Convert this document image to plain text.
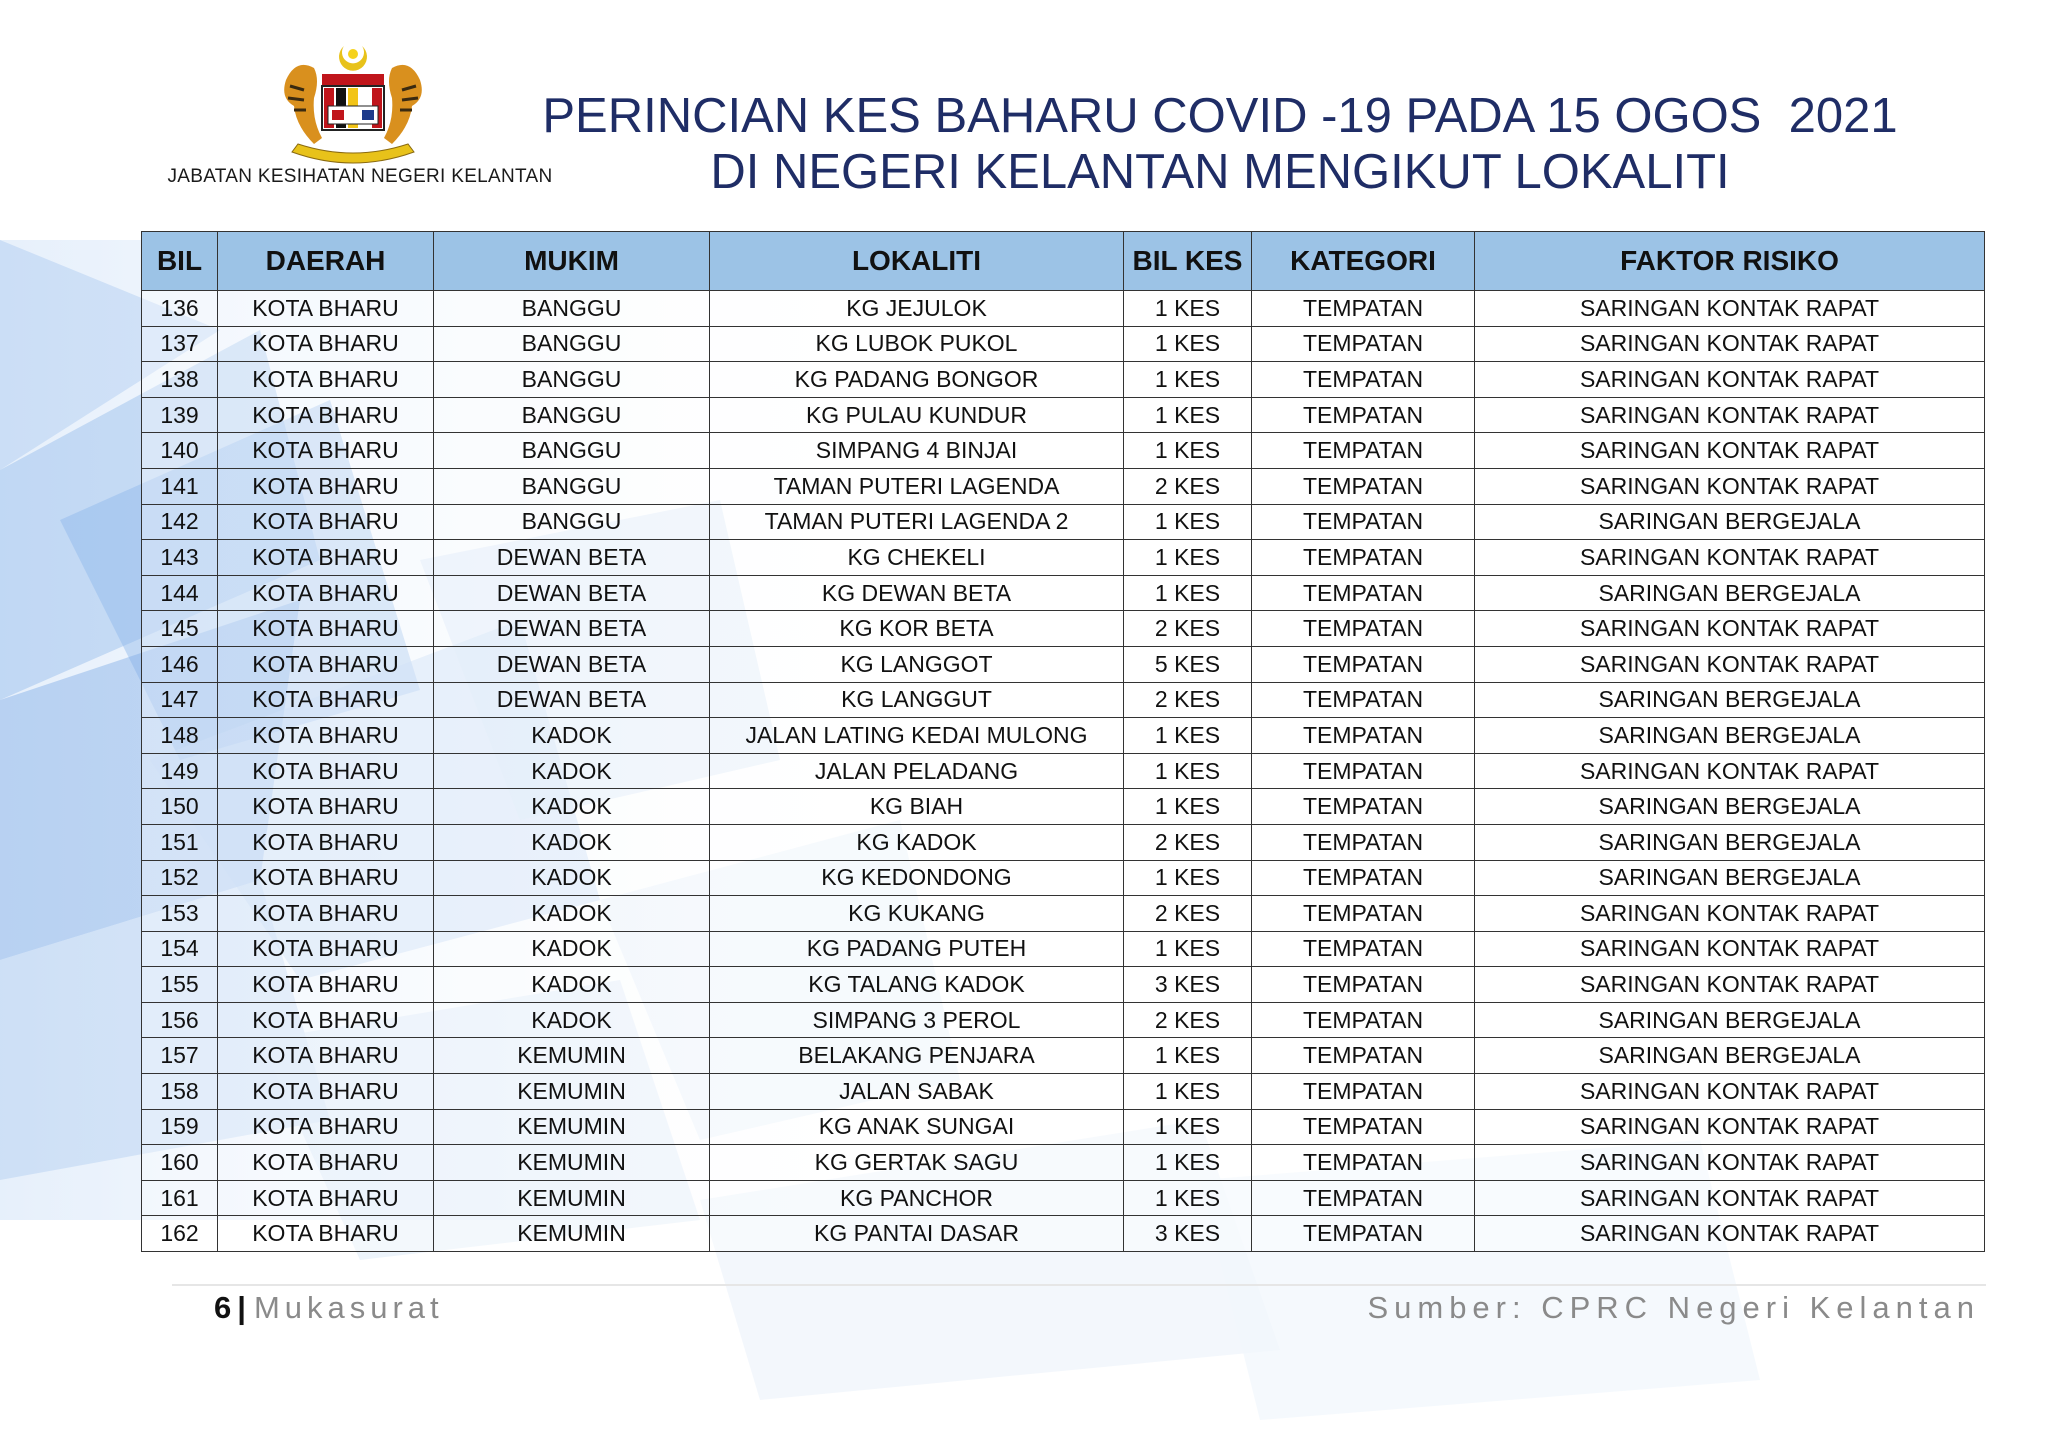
JABATAN KESIHATAN NEGERI KELANTAN
PERINCIAN KES BAHARU COVID -19 PADA 15 OGOS  2021
DI NEGERI KELANTAN MENGIKUT LOKALITI
BIL	DAERAH	MUKIM	LOKALITI	BIL KES	KATEGORI	FAKTOR RISIKO
136	KOTA BHARU	BANGGU	KG JEJULOK	1 KES	TEMPATAN	SARINGAN KONTAK RAPAT
137	KOTA BHARU	BANGGU	KG LUBOK PUKOL	1 KES	TEMPATAN	SARINGAN KONTAK RAPAT
138	KOTA BHARU	BANGGU	KG PADANG BONGOR	1 KES	TEMPATAN	SARINGAN KONTAK RAPAT
139	KOTA BHARU	BANGGU	KG PULAU KUNDUR	1 KES	TEMPATAN	SARINGAN KONTAK RAPAT
140	KOTA BHARU	BANGGU	SIMPANG 4 BINJAI	1 KES	TEMPATAN	SARINGAN KONTAK RAPAT
141	KOTA BHARU	BANGGU	TAMAN PUTERI LAGENDA	2 KES	TEMPATAN	SARINGAN KONTAK RAPAT
142	KOTA BHARU	BANGGU	TAMAN PUTERI LAGENDA 2	1 KES	TEMPATAN	SARINGAN BERGEJALA
143	KOTA BHARU	DEWAN BETA	KG CHEKELI	1 KES	TEMPATAN	SARINGAN KONTAK RAPAT
144	KOTA BHARU	DEWAN BETA	KG DEWAN BETA	1 KES	TEMPATAN	SARINGAN BERGEJALA
145	KOTA BHARU	DEWAN BETA	KG KOR BETA	2 KES	TEMPATAN	SARINGAN KONTAK RAPAT
146	KOTA BHARU	DEWAN BETA	KG LANGGOT	5 KES	TEMPATAN	SARINGAN KONTAK RAPAT
147	KOTA BHARU	DEWAN BETA	KG LANGGUT	2 KES	TEMPATAN	SARINGAN BERGEJALA
148	KOTA BHARU	KADOK	JALAN LATING KEDAI MULONG	1 KES	TEMPATAN	SARINGAN BERGEJALA
149	KOTA BHARU	KADOK	JALAN PELADANG	1 KES	TEMPATAN	SARINGAN KONTAK RAPAT
150	KOTA BHARU	KADOK	KG BIAH	1 KES	TEMPATAN	SARINGAN BERGEJALA
151	KOTA BHARU	KADOK	KG KADOK	2 KES	TEMPATAN	SARINGAN BERGEJALA
152	KOTA BHARU	KADOK	KG KEDONDONG	1 KES	TEMPATAN	SARINGAN BERGEJALA
153	KOTA BHARU	KADOK	KG KUKANG	2 KES	TEMPATAN	SARINGAN KONTAK RAPAT
154	KOTA BHARU	KADOK	KG PADANG PUTEH	1 KES	TEMPATAN	SARINGAN KONTAK RAPAT
155	KOTA BHARU	KADOK	KG TALANG KADOK	3 KES	TEMPATAN	SARINGAN KONTAK RAPAT
156	KOTA BHARU	KADOK	SIMPANG 3 PEROL	2 KES	TEMPATAN	SARINGAN BERGEJALA
157	KOTA BHARU	KEMUMIN	BELAKANG PENJARA	1 KES	TEMPATAN	SARINGAN BERGEJALA
158	KOTA BHARU	KEMUMIN	JALAN SABAK	1 KES	TEMPATAN	SARINGAN KONTAK RAPAT
159	KOTA BHARU	KEMUMIN	KG ANAK SUNGAI	1 KES	TEMPATAN	SARINGAN KONTAK RAPAT
160	KOTA BHARU	KEMUMIN	KG GERTAK SAGU	1 KES	TEMPATAN	SARINGAN KONTAK RAPAT
161	KOTA BHARU	KEMUMIN	KG PANCHOR	1 KES	TEMPATAN	SARINGAN KONTAK RAPAT
162	KOTA BHARU	KEMUMIN	KG PANTAI DASAR	3 KES	TEMPATAN	SARINGAN KONTAK RAPAT
6 | Mukasurat	Sumber: CPRC Negeri Kelantan
